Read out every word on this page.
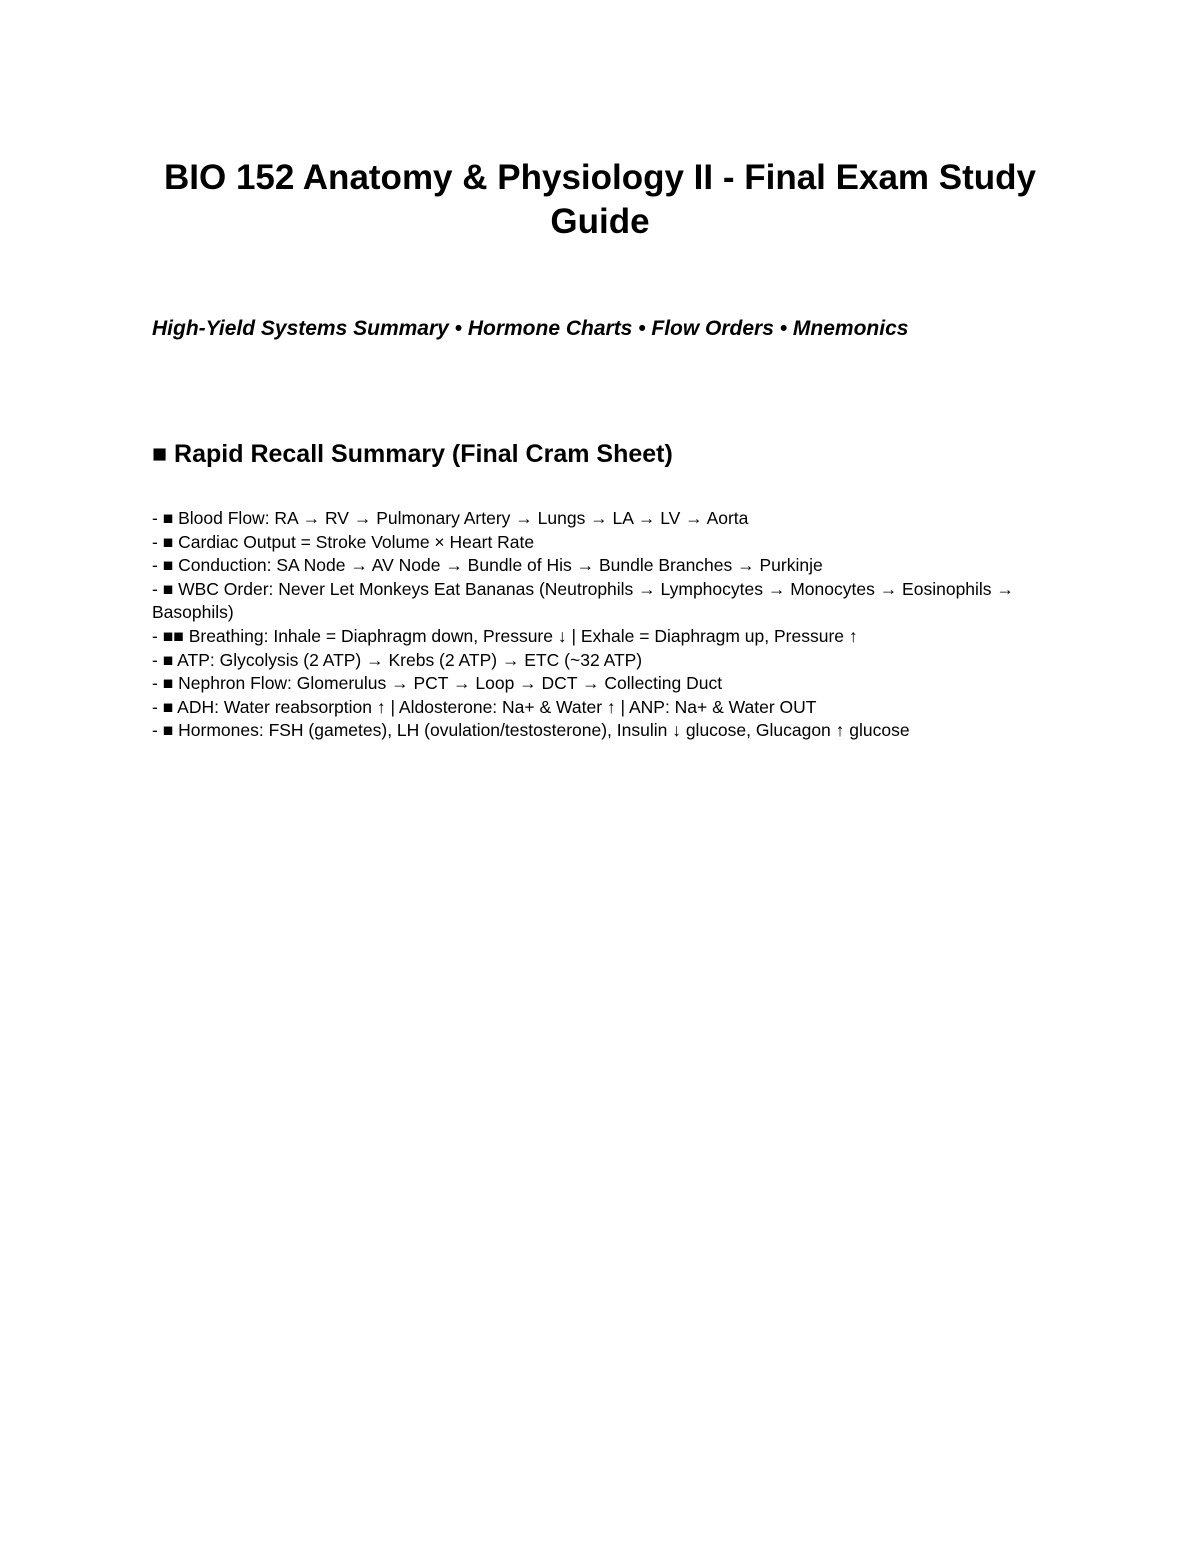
BIO 152 Anatomy & Physiology II - Final Exam Study Guide

High-Yield Systems Summary • Hormone Charts • Flow Orders • Mnemonics

■ Rapid Recall Summary (Final Cram Sheet)
- ■ Blood Flow: RA → RV → Pulmonary Artery → Lungs → LA → LV → Aorta
- ■ Cardiac Output = Stroke Volume × Heart Rate
- ■ Conduction: SA Node → AV Node → Bundle of His → Bundle Branches → Purkinje
- ■ WBC Order: Never Let Monkeys Eat Bananas (Neutrophils → Lymphocytes → Monocytes → Eosinophils → Basophils)
- ■■ Breathing: Inhale = Diaphragm down, Pressure ↓ | Exhale = Diaphragm up, Pressure ↑
- ■ ATP: Glycolysis (2 ATP) → Krebs (2 ATP) → ETC (~32 ATP)
- ■ Nephron Flow: Glomerulus → PCT → Loop → DCT → Collecting Duct
- ■ ADH: Water reabsorption ↑ | Aldosterone: Na+ & Water ↑ | ANP: Na+ & Water OUT
- ■ Hormones: FSH (gametes), LH (ovulation/testosterone), Insulin ↓ glucose, Glucagon ↑ glucose
